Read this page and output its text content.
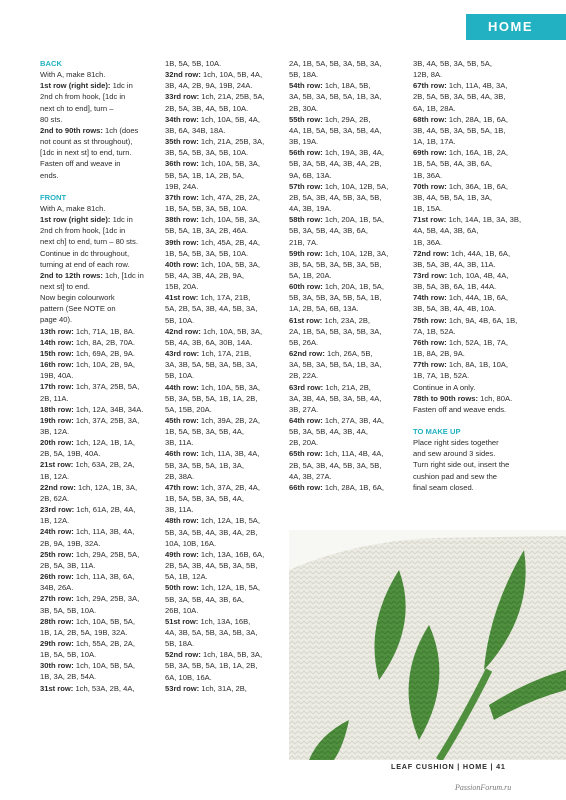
HOME
BACK
With A, make 81ch.
1st row (right side): 1dc in
2nd ch from hook, [1dc in
next ch to end], turn –
80 sts.
2nd to 90th rows: 1ch (does
not count as st throughout),
[1dc in next st] to end, turn.
Fasten off and weave in
ends.
FRONT
With A, make 81ch.
1st row (right side): 1dc in
2nd ch from hook, [1dc in
next ch] to end, turn – 80 sts.
Continue in dc throughout,
turning at end of each row.
2nd to 12th rows: 1ch, [1dc in
next st] to end.
Now begin colourwork
pattern (See NOTE on
page 40).
13th row: 1ch, 71A, 1B, 8A.
14th row: 1ch, 8A, 2B, 70A.
15th row: 1ch, 69A, 2B, 9A.
16th row: 1ch, 10A, 2B, 9A,
19B, 40A.
17th row: 1ch, 37A, 25B, 5A,
2B, 11A.
18th row: 1ch, 12A, 34B, 34A.
19th row: 1ch, 37A, 25B, 3A,
3B, 12A.
20th row: 1ch, 12A, 1B, 1A,
2B, 5A, 19B, 40A.
21st row: 1ch, 63A, 2B, 2A,
1B, 12A.
22nd row: 1ch, 12A, 1B, 3A,
2B, 62A.
23rd row: 1ch, 61A, 2B, 4A,
1B, 12A.
24th row: 1ch, 11A, 3B, 4A,
2B, 9A, 19B, 32A.
25th row: 1ch, 29A, 25B, 5A,
2B, 5A, 3B, 11A.
26th row: 1ch, 11A, 3B, 6A,
34B, 26A.
27th row: 1ch, 29A, 25B, 3A,
3B, 5A, 5B, 10A.
28th row: 1ch, 10A, 5B, 5A,
1B, 1A, 2B, 5A, 19B, 32A.
29th row: 1ch, 55A, 2B, 2A,
1B, 5A, 5B, 10A.
30th row: 1ch, 10A, 5B, 5A,
1B, 3A, 2B, 54A.
31st row: 1ch, 53A, 2B, 4A,
1B, 5A, 5B, 10A.
32nd row: 1ch, 10A, 5B, 4A,
3B, 4A, 2B, 9A, 19B, 24A.
33rd row: 1ch, 21A, 25B, 5A,
2B, 5A, 3B, 4A, 5B, 10A.
34th row: 1ch, 10A, 5B, 4A,
3B, 6A, 34B, 18A.
35th row: 1ch, 21A, 25B, 3A,
3B, 5A, 5B, 3A, 5B, 10A.
36th row: 1ch, 10A, 5B, 3A,
5B, 5A, 1B, 1A, 2B, 5A,
19B, 24A.
37th row: 1ch, 47A, 2B, 2A,
1B, 5A, 5B, 3A, 5B, 10A.
38th row: 1ch, 10A, 5B, 3A,
5B, 5A, 1B, 3A, 2B, 46A.
39th row: 1ch, 45A, 2B, 4A,
1B, 5A, 5B, 3A, 5B, 10A.
40th row: 1ch, 10A, 5B, 3A,
5B, 4A, 3B, 4A, 2B, 9A,
15B, 20A.
41st row: 1ch, 17A, 21B,
5A, 2B, 5A, 3B, 4A, 5B, 3A,
5B, 10A.
42nd row: 1ch, 10A, 5B, 3A,
5B, 4A, 3B, 6A, 30B, 14A.
43rd row: 1ch, 17A, 21B,
3A, 3B, 5A, 5B, 3A, 5B, 3A,
5B, 10A.
44th row: 1ch, 10A, 5B, 3A,
5B, 3A, 5B, 5A, 1B, 1A, 2B,
5A, 15B, 20A.
45th row: 1ch, 39A, 2B, 2A,
1B, 5A, 5B, 3A, 5B, 4A,
3B, 11A.
46th row: 1ch, 11A, 3B, 4A,
5B, 3A, 5B, 5A, 1B, 3A,
2B, 38A.
47th row: 1ch, 37A, 2B, 4A,
1B, 5A, 5B, 3A, 5B, 4A,
3B, 11A.
48th row: 1ch, 12A, 1B, 5A,
5B, 3A, 5B, 4A, 3B, 4A, 2B,
10A, 10B, 16A.
49th row: 1ch, 13A, 16B, 6A,
2B, 5A, 3B, 4A, 5B, 3A, 5B,
5A, 1B, 12A.
50th row: 1ch, 12A, 1B, 5A,
5B, 3A, 5B, 4A, 3B, 6A,
26B, 10A.
51st row: 1ch, 13A, 16B,
4A, 3B, 5A, 5B, 3A, 5B, 3A,
5B, 18A.
52nd row: 1ch, 18A, 5B, 3A,
5B, 3A, 5B, 5A, 1B, 1A, 2B,
6A, 10B, 16A.
53rd row: 1ch, 31A, 2B,
2A, 1B, 5A, 5B, 3A, 5B, 3A,
5B, 18A.
54th row: 1ch, 18A, 5B,
3A, 5B, 3A, 5B, 5A, 1B, 3A,
2B, 30A.
55th row: 1ch, 29A, 2B,
4A, 1B, 5A, 5B, 3A, 5B, 4A,
3B, 19A.
56th row: 1ch, 19A, 3B, 4A,
5B, 3A, 5B, 4A, 3B, 4A, 2B,
9A, 6B, 13A.
57th row: 1ch, 10A, 12B, 5A,
2B, 5A, 3B, 4A, 5B, 3A, 5B,
4A, 3B, 19A.
58th row: 1ch, 20A, 1B, 5A,
5B, 3A, 5B, 4A, 3B, 6A,
21B, 7A.
59th row: 1ch, 10A, 12B, 3A,
3B, 5A, 5B, 3A, 5B, 3A, 5B,
5A, 1B, 20A.
60th row: 1ch, 20A, 1B, 5A,
5B, 3A, 5B, 3A, 5B, 5A, 1B,
1A, 2B, 5A, 6B, 13A.
61st row: 1ch, 23A, 2B,
2A, 1B, 5A, 5B, 3A, 5B, 3A,
5B, 26A.
62nd row: 1ch, 26A, 5B,
3A, 5B, 3A, 5B, 5A, 1B, 3A,
2B, 22A.
63rd row: 1ch, 21A, 2B,
3A, 3B, 4A, 5B, 3A, 5B, 4A,
3B, 27A.
64th row: 1ch, 27A, 3B, 4A,
5B, 3A, 5B, 4A, 3B, 4A,
2B, 20A.
65th row: 1ch, 11A, 4B, 4A,
2B, 5A, 3B, 4A, 5B, 3A, 5B,
4A, 3B, 27A.
66th row: 1ch, 28A, 1B, 6A,
3B, 4A, 5B, 3A, 5B, 5A,
12B, 8A.
67th row: 1ch, 11A, 4B, 3A,
2B, 5A, 5B, 3A, 5B, 4A, 3B,
6A, 1B, 28A.
68th row: 1ch, 28A, 1B, 6A,
3B, 4A, 5B, 3A, 5B, 5A, 1B,
1A, 1B, 17A.
69th row: 1ch, 16A, 1B, 2A,
1B, 5A, 5B, 4A, 3B, 6A,
1B, 36A.
70th row: 1ch, 36A, 1B, 6A,
3B, 4A, 5B, 5A, 1B, 3A,
1B, 15A.
71st row: 1ch, 14A, 1B, 3A, 3B,
4A, 5B, 4A, 3B, 6A,
1B, 36A.
72nd row: 1ch, 44A, 1B, 6A,
3B, 5A, 3B, 4A, 3B, 11A.
73rd row: 1ch, 10A, 4B, 4A,
3B, 5A, 3B, 6A, 1B, 44A.
74th row: 1ch, 44A, 1B, 6A,
3B, 5A, 3B, 4A, 4B, 10A.
75th row: 1ch, 9A, 4B, 6A, 1B,
7A, 1B, 52A.
76th row: 1ch, 52A, 1B, 7A,
1B, 8A, 2B, 9A.
77th row: 1ch, 8A, 1B, 10A,
1B, 7A, 1B, 52A.
Continue in A only.
78th to 90th rows: 1ch, 80A.
Fasten off and weave ends.
TO MAKE UP
Place right sides together
and sew around 3 sides.
Turn right side out, insert the
cushion pad and sew the
final seam closed.
LEAF CUSHION | HOME | 41
PassionForum.ru
